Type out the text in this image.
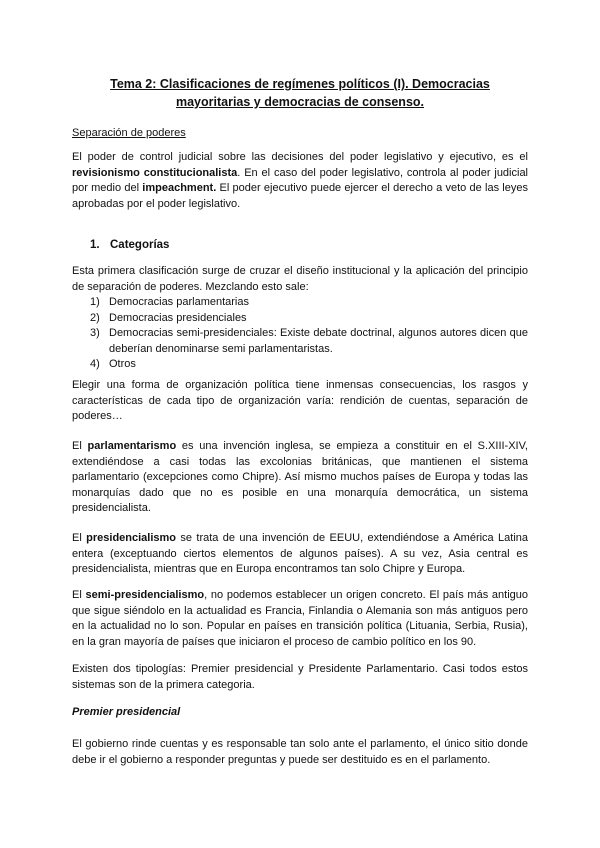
Tema 2: Clasificaciones de regímenes políticos (I). Democracias mayoritarias y democracias de consenso.
Separación de poderes

El poder de control judicial sobre las decisiones del poder legislativo y ejecutivo, es el revisionismo constitucionalista. En el caso del poder legislativo, controla al poder judicial por medio del impeachment. El poder ejecutivo puede ejercer el derecho a veto de las leyes aprobadas por el poder legislativo.

1. Categorías

Esta primera clasificación surge de cruzar el diseño institucional y la aplicación del principio de separación de poderes. Mezclando esto sale:

1) Democracias parlamentarias
2) Democracias presidenciales
3) Democracias semi-presidenciales: Existe debate doctrinal, algunos autores dicen que deberían denominarse semi parlamentaristas.
4) Otros

Elegir una forma de organización política tiene inmensas consecuencias, los rasgos y características de cada tipo de organización varía: rendición de cuentas, separación de poderes…

El parlamentarismo es una invención inglesa, se empieza a constituir en el S.XIII-XIV, extendiéndose a casi todas las excolonias británicas, que mantienen el sistema parlamentario (excepciones como Chipre). Así mismo muchos países de Europa y todas las monarquías dado que no es posible en una monarquía democrática, un sistema presidencialista.

El presidencialismo se trata de una invención de EEUU, extendiéndose a América Latina entera (exceptuando ciertos elementos de algunos países). A su vez, Asia central es presidencialista, mientras que en Europa encontramos tan solo Chipre y Europa.

El semi-presidencialismo, no podemos establecer un origen concreto. El país más antiguo que sigue siéndolo en la actualidad es Francia, Finlandia o Alemania son más antiguos pero en la actualidad no lo son. Popular en países en transición política (Lituania, Serbia, Rusia), en la gran mayoría de países que iniciaron el proceso de cambio político en los 90.

Existen dos tipologías: Premier presidencial y Presidente Parlamentario. Casi todos estos sistemas son de la primera categoria.

Premier presidencial

El gobierno rinde cuentas y es responsable tan solo ante el parlamento, el único sitio donde debe ir el gobierno a responder preguntas y puede ser destituido es en el parlamento.
